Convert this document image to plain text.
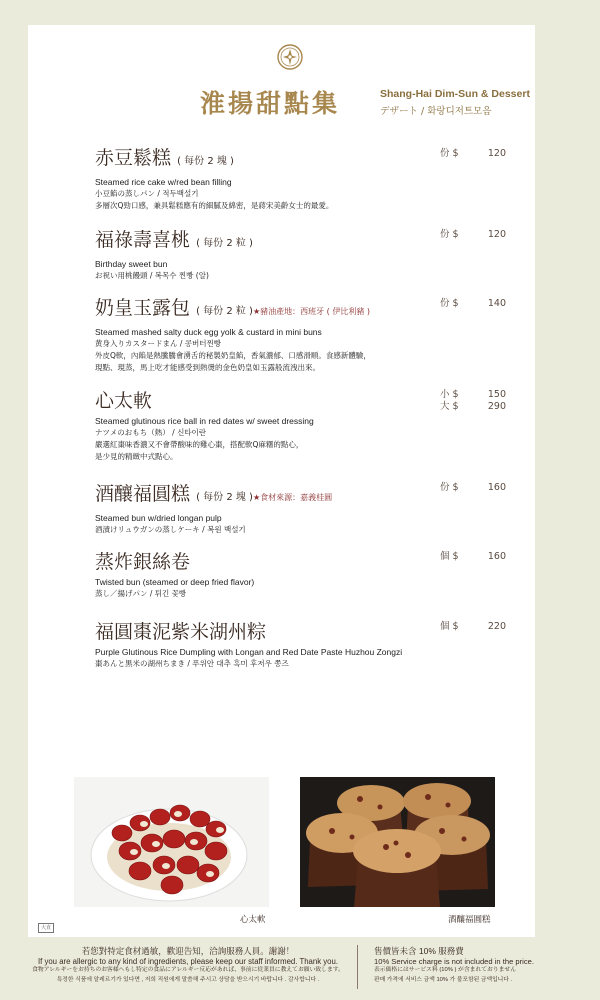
淮揚甜點集	Shang-Hai Dim-Sun & Dessert
デザート / 화랑디저트모음
赤豆鬆糕 ( 每份 2 塊 )
Steamed rice cake w/red bean filling
小豆餡の蒸しパン / 적두백설기
多層次Q勁口感，兼具鬆糕應有的細膩及綿密，是蔣宋美齡女士的最愛。
份 $	120
福祿壽喜桃 ( 每份 2 粒 )
Birthday sweet bun
お祝い用桃饅頭 / 복목수 찐빵 (알)
份 $	120
奶皇玉露包 ( 每份 2 粒 )★豬油產地：西班牙 ( 伊比利豬 )
Steamed mashed salty duck egg yolk & custard in mini buns
黄身入りカスタードまん / 콩버터찐빵
外皮Q軟，內餡是熱騰騰會湧舌的秘製奶皇餡，香氣濃郁、口感滑順。食感新體驗，
現點、現蒸，馬上吃才能感受到熱燙的金色奶皇如玉露般流洩出來。
份 $	140
心太軟
Steamed glutinous rice ball in red dates w/ sweet dressing
ナツメのおもち（熱） / 신타이란
嚴選紅棗味香濃又不會帶酸味的雞心棗，搭配軟Q麻糬的點心，
是少見的精緻中式點心。
小 $	150
大 $	290
酒釀福圓糕 ( 每份 2 塊 )★食材來源：嘉義桂圓
Steamed bun w/dried longan pulp
酒漬けリュウガンの蒸しケーキ / 복원 백설기
份 $	160
蒸炸銀絲卷
Twisted bun (steamed or deep fried flavor)
蒸し／揚げパン / 튀긴 꽃빵
個 $	160
福圓棗泥紫米湖州粽
Purple Glutinous Rice Dumpling with Longan and Red Date Paste Huzhou Zongzi
棗あんと黒米の湖州ちまき / 푸위안 대추 흑미 후저우 쫑즈
個 $	220
心太軟	酒釀福圓糕
大直
若您對特定食材過敏，歡迎告知，洽詢服務人員。謝謝！
If you are allergic to any kind of ingredients, please keep our staff informed. Thank you.
食物アレルギーをお持ちのお客様へもし特定の食品にアレルギー反応があれば、事前に従業員に教えてお願い致します。
특정한 식품에 알레르기가 있다면 , 저희 직원에게 말씀해 주시고 상담을 받으시기 바랍니다 . 감사합니다 .
售價皆未含 10% 服務費
10% Service charge is not included in the price.
表示価格にはサービス料 (10% ) が含まれておりません
판매 가격에 서비스 금액 10% 가 불포함된 금액입니다 .
